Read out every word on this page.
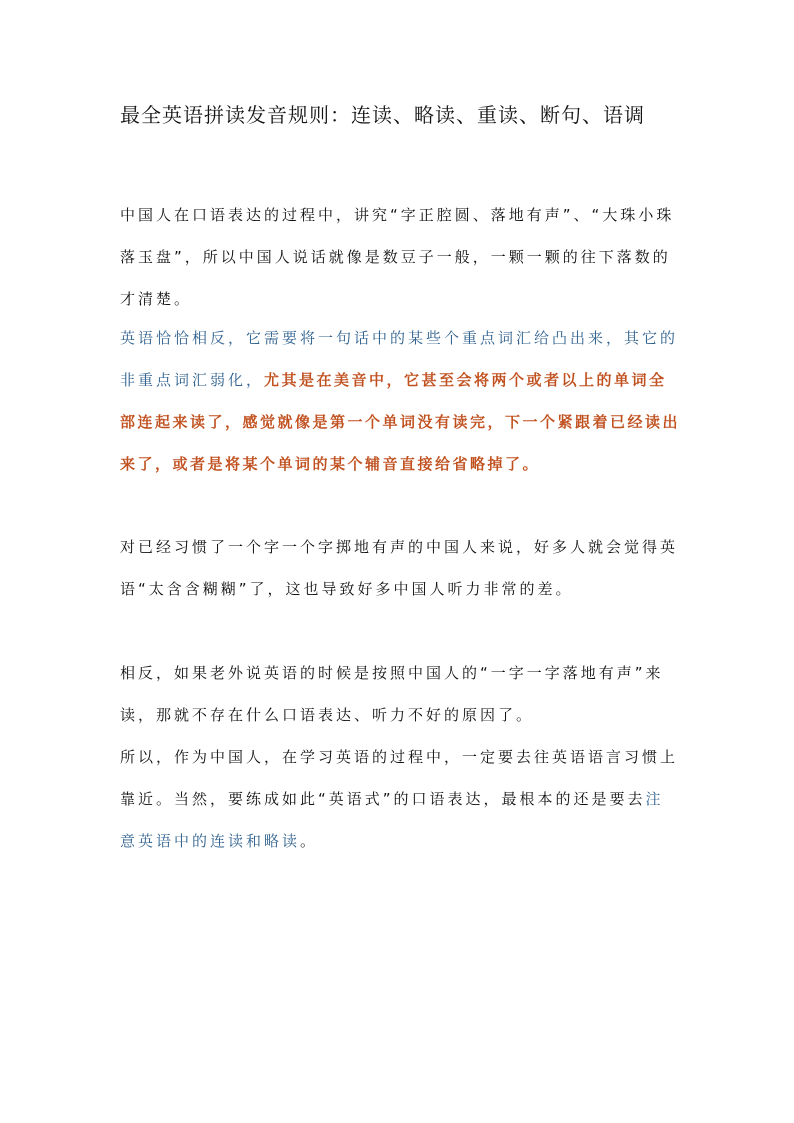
最全英语拼读发音规则：连读、略读、重读、断句、语调

中国人在口语表达的过程中，讲究“字正腔圆、落地有声”、“大珠小珠落玉盘”，所以中国人说话就像是数豆子一般，一颗一颗的往下落数的才清楚。

英语恰恰相反，它需要将一句话中的某些个重点词汇给凸出来，其它的非重点词汇弱化，尤其是在美音中，它甚至会将两个或者以上的单词全部连起来读了，感觉就像是第一个单词没有读完，下一个紧跟着已经读出来了，或者是将某个单词的某个辅音直接给省略掉了。

对已经习惯了一个字一个字掷地有声的中国人来说，好多人就会觉得英语“太含含糊糊”了，这也导致好多中国人听力非常的差。

相反，如果老外说英语的时候是按照中国人的“一字一字落地有声”来读，那就不存在什么口语表达、听力不好的原因了。

所以，作为中国人，在学习英语的过程中，一定要去往英语语言习惯上靠近。当然，要练成如此“英语式”的口语表达，最根本的还是要去注意英语中的连读和略读。
